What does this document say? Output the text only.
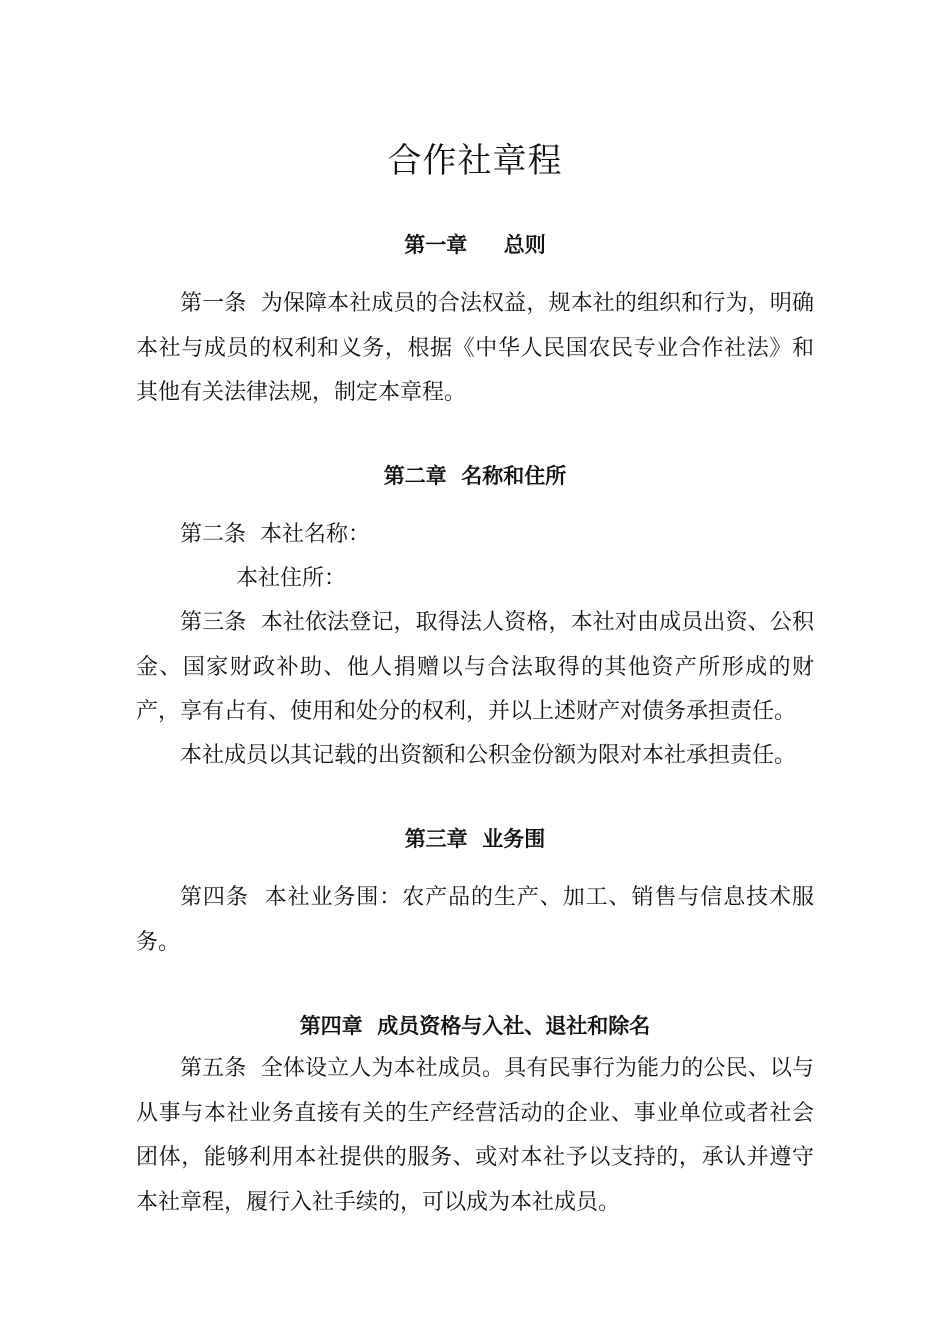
合作社章程
第一章     总则

第一条  为保障本社成员的合法权益，规本社的组织和行为，明确本社与成员的权利和义务，根据《中华人民国农民专业合作社法》和其他有关法律法规，制定本章程。

第二章  名称和住所

第二条  本社名称：

本社住所：

第三条  本社依法登记，取得法人资格，本社对由成员出资、公积金、国家财政补助、他人捐赠以与合法取得的其他资产所形成的财产，享有占有、使用和处分的权利，并以上述财产对债务承担责任。

本社成员以其记载的出资额和公积金份额为限对本社承担责任。

第三章  业务围

第四条  本社业务围：农产品的生产、加工、销售与信息技术服务。

第四章  成员资格与入社、退社和除名

第五条  全体设立人为本社成员。具有民事行为能力的公民、以与从事与本社业务直接有关的生产经营活动的企业、事业单位或者社会团体，能够利用本社提供的服务、或对本社予以支持的，承认并遵守本社章程，履行入社手续的，可以成为本社成员。
